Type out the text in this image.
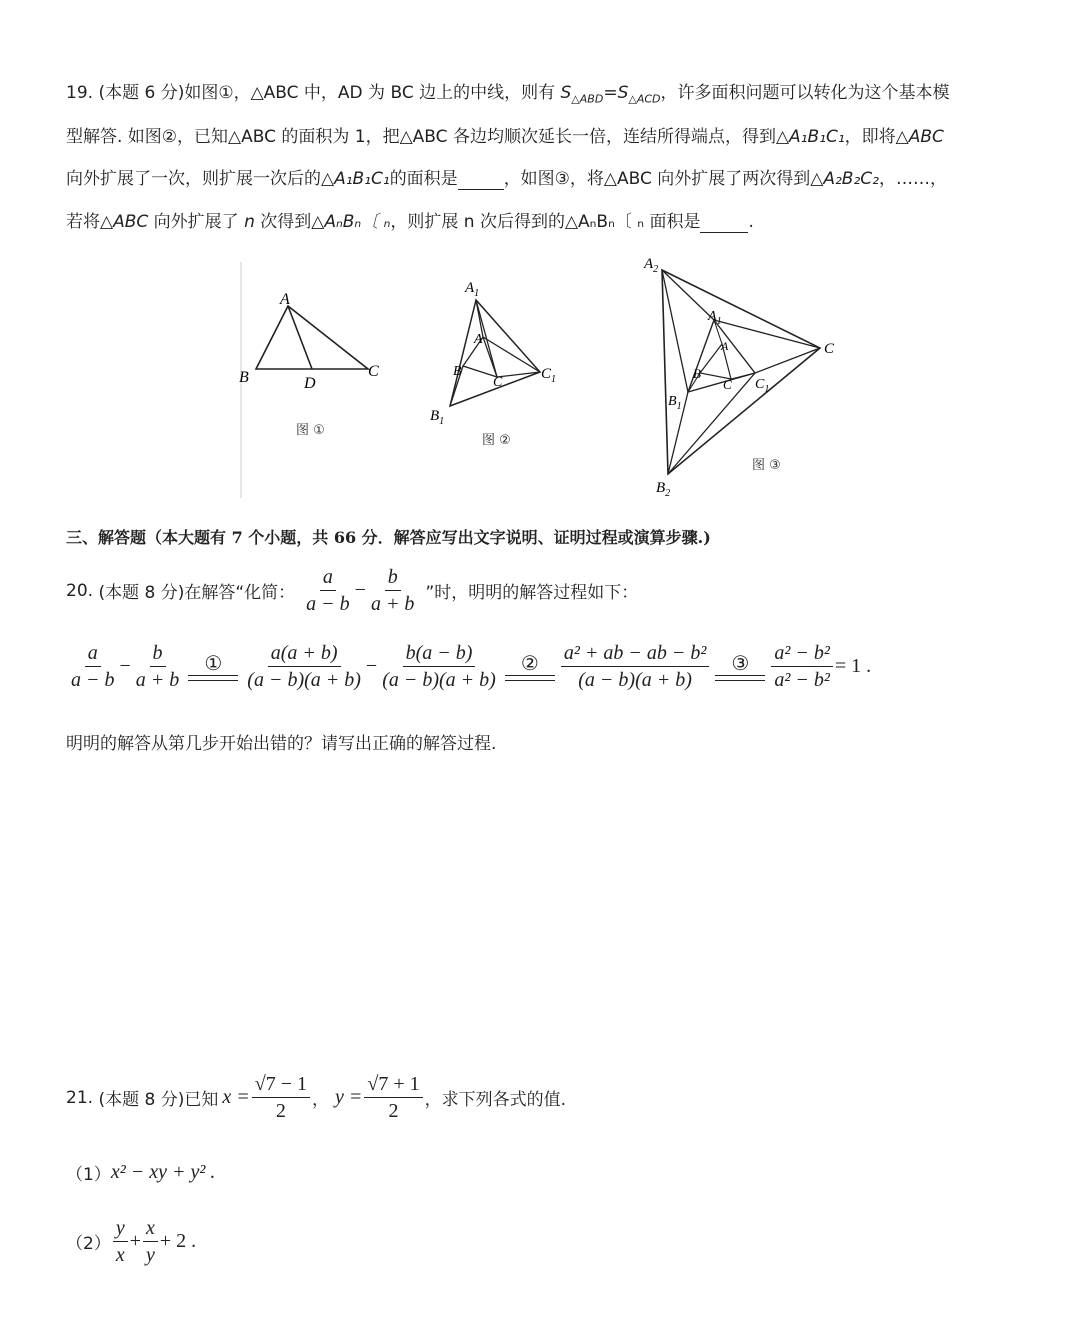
19. (本题 6 分)如图①，△ABC 中，AD 为 BC 边上的中线，则有 $S_{\triangle ABD}=S_{\triangle ACD}$，许多面积问题可以转化为这个基本模
型解答. 如图②，已知△ABC 的面积为 1，把△ABC 各边均顺次延长一倍，连结所得端点，得到△A₁B₁C₁，即将△ABC
向外扩展了一次，则扩展一次后的△A₁B₁C₁的面积是	，如图③，将△ABC 向外扩展了两次得到△A₂B₂C₂，……，
若将△ABC 向外扩展了 n 次得到△AₙBₙ〔 ₙ，则扩展 n 次后得到的△AₙBₙ〔 ₙ 面积是	.
A
B	C
D
图 ①
$A_1$
A
B
C
$C_1$
$B_1$
图 ②
$A_2$
$A_1$
A
B
C $C_1$
$B_1$
C
$B_2$
图 ③
三、解答题（本大题有 7 个小题，共 66 分．解答应写出文字说明、证明过程或演算步骤.)
20.
(本题 8 分) 在解答“化简： $\frac{a}{a - b} - \frac{b}{a + b}$ ”时，明明的解答过程如下：
$\frac{a}{a - b} - \frac{b}{a + b}$ ① $\frac{a(a + b)}{(a - b)(a + b)} - \frac{b(a - b)}{(a - b)(a + b)}$ ② $\frac{\text{a² + ab − ab − b²}}{(a - b)(a + b)}$ ③ $\frac{\text{a² − b²}}{\text{a² − b²}} = 1$ .
明明的解答从第几步开始出错的？请写出正确的解答过程.
21.
(本题 8 分) 已知 $x = \frac{√7 - 1}{2}$ ， $y = \frac{√7 + 1}{2}$ ，求下列各式的值.
（1） x² − xy + y² .
$(2) \frac{y}{x} + \frac{x}{y} + 2$ .
